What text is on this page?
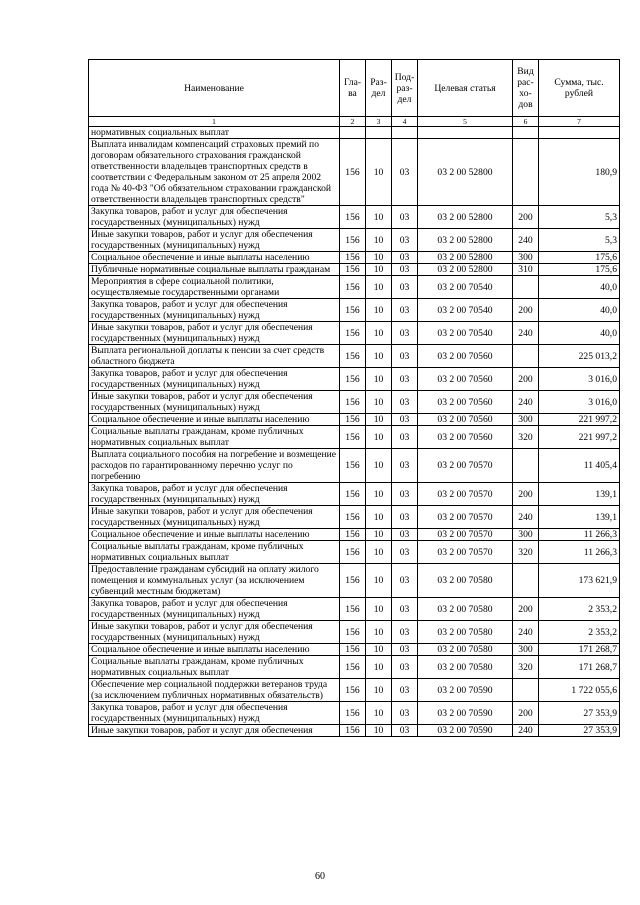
Наименование	Гла-ва	Раз-дел	Под-раз-дел	Целевая статья	Вид рас-хо-дов	Сумма, тыс. рублей
1	2	3	4	5	6	7
нормативных социальных выплат						
Выплата инвалидам компенсаций страховых премий по договорам обязательного страхования гражданской ответственности владельцев транспортных средств в соответствии с Федеральным законом от 25 апреля 2002 года № 40-ФЗ "Об обязательном страховании гражданской ответственности владельцев транспортных средств"	156	10	03	03 2 00 52800		180,9
Закупка товаров, работ и услуг для обеспечения государственных (муниципальных) нужд	156	10	03	03 2 00 52800	200	5,3
Иные закупки товаров, работ и услуг для обеспечения государственных (муниципальных) нужд	156	10	03	03 2 00 52800	240	5,3
Социальное обеспечение и иные выплаты населению	156	10	03	03 2 00 52800	300	175,6
Публичные нормативные социальные выплаты гражданам	156	10	03	03 2 00 52800	310	175,6
Мероприятия в сфере социальной политики, осуществляемые государственными органами	156	10	03	03 2 00 70540		40,0
Закупка товаров, работ и услуг для обеспечения государственных (муниципальных) нужд	156	10	03	03 2 00 70540	200	40,0
Иные закупки товаров, работ и услуг для обеспечения государственных (муниципальных) нужд	156	10	03	03 2 00 70540	240	40,0
Выплата региональной доплаты к пенсии за счет средств областного бюджета	156	10	03	03 2 00 70560		225 013,2
Закупка товаров, работ и услуг для обеспечения государственных (муниципальных) нужд	156	10	03	03 2 00 70560	200	3 016,0
Иные закупки товаров, работ и услуг для обеспечения государственных (муниципальных) нужд	156	10	03	03 2 00 70560	240	3 016,0
Социальное обеспечение и иные выплаты населению	156	10	03	03 2 00 70560	300	221 997,2
Социальные выплаты гражданам, кроме публичных нормативных социальных выплат	156	10	03	03 2 00 70560	320	221 997,2
Выплата социального пособия на погребение и возмещение расходов по гарантированному перечню услуг по погребению	156	10	03	03 2 00 70570		11 405,4
Закупка товаров, работ и услуг для обеспечения государственных (муниципальных) нужд	156	10	03	03 2 00 70570	200	139,1
Иные закупки товаров, работ и услуг для обеспечения государственных (муниципальных) нужд	156	10	03	03 2 00 70570	240	139,1
Социальное обеспечение и иные выплаты населению	156	10	03	03 2 00 70570	300	11 266,3
Социальные выплаты гражданам, кроме публичных нормативных социальных выплат	156	10	03	03 2 00 70570	320	11 266,3
Предоставление гражданам субсидий на оплату жилого помещения и коммунальных услуг (за исключением субвенций местным бюджетам)	156	10	03	03 2 00 70580		173 621,9
Закупка товаров, работ и услуг для обеспечения государственных (муниципальных) нужд	156	10	03	03 2 00 70580	200	2 353,2
Иные закупки товаров, работ и услуг для обеспечения государственных (муниципальных) нужд	156	10	03	03 2 00 70580	240	2 353,2
Социальное обеспечение и иные выплаты населению	156	10	03	03 2 00 70580	300	171 268,7
Социальные выплаты гражданам, кроме публичных нормативных социальных выплат	156	10	03	03 2 00 70580	320	171 268,7
Обеспечение мер социальной поддержки ветеранов труда (за исключением публичных нормативных обязательств)	156	10	03	03 2 00 70590		1 722 055,6
Закупка товаров, работ и услуг для обеспечения государственных (муниципальных) нужд	156	10	03	03 2 00 70590	200	27 353,9
Иные закупки товаров, работ и услуг для обеспечения	156	10	03	03 2 00 70590	240	27 353,9
60
